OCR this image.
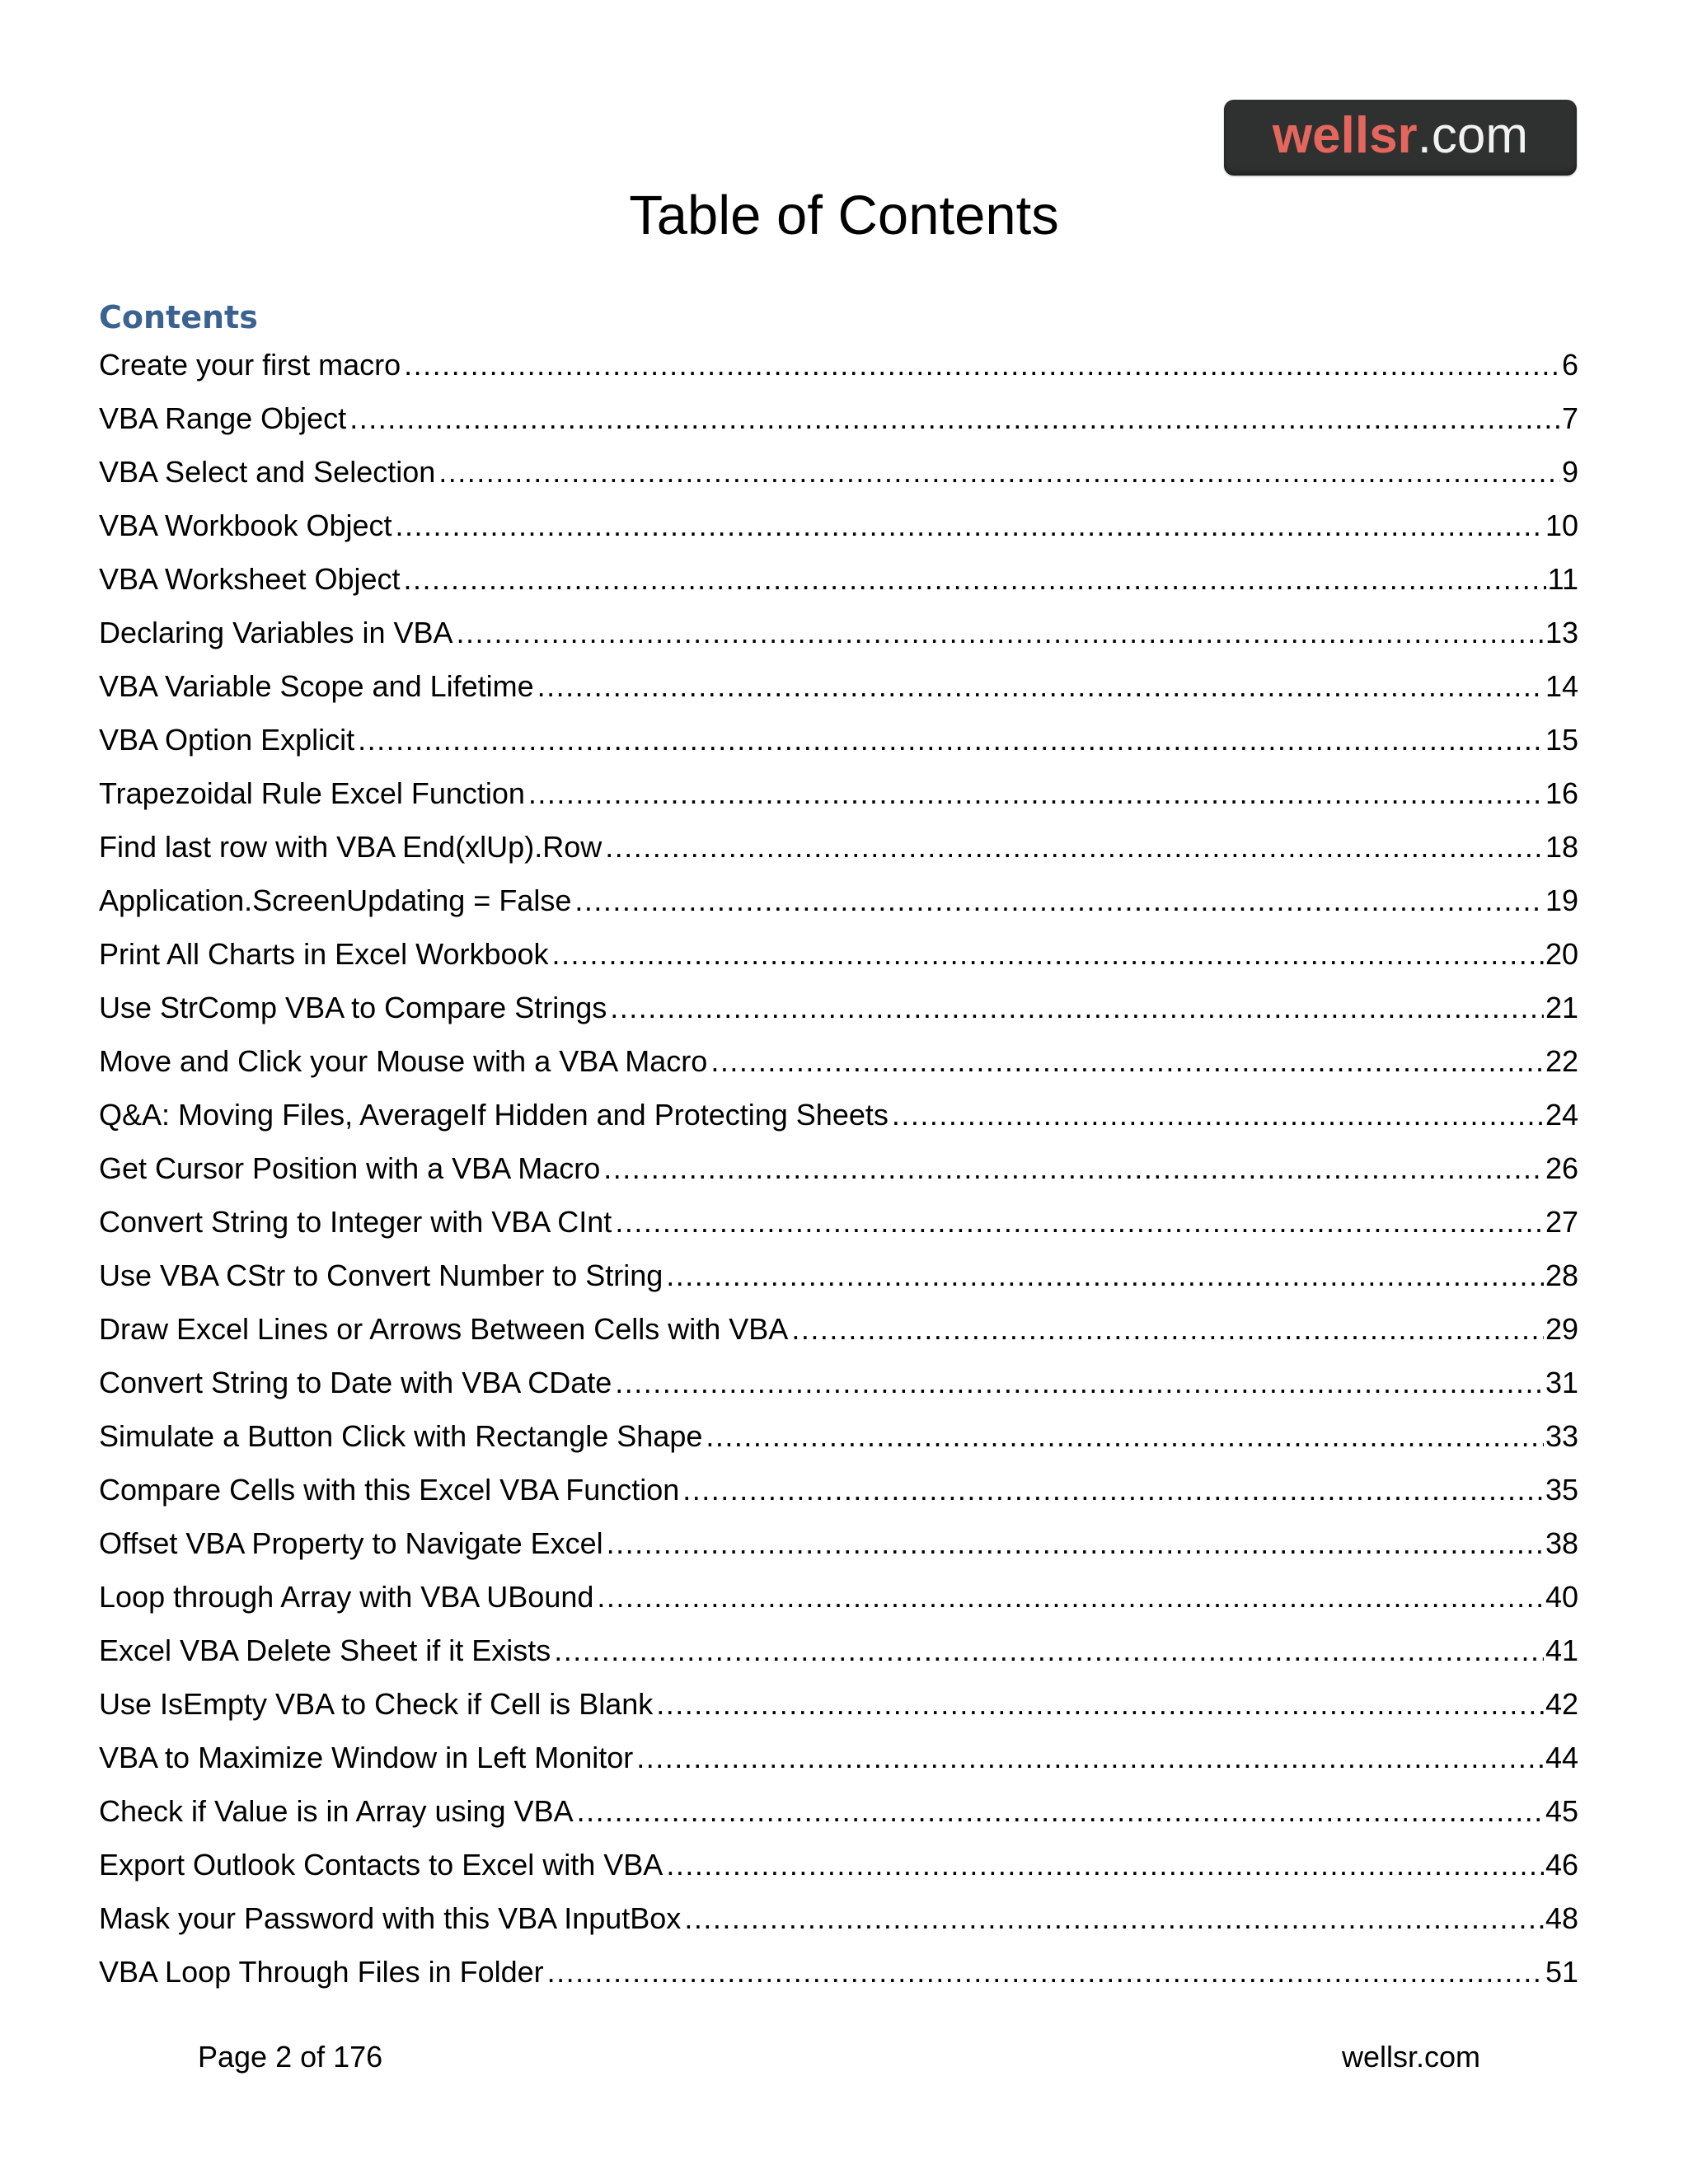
wellsr .com
Table of Contents
Contents
Create your first macro .....	6
VBA Range Object .....	7
VBA Select and Selection .....	9
VBA Workbook Object .....	10
VBA Worksheet Object .....	11
Declaring Variables in VBA .....	13
VBA Variable Scope and Lifetime .....	14
VBA Option Explicit .....	15
Trapezoidal Rule Excel Function .....	16
Find last row with VBA End(xlUp).Row .....	18
Application.ScreenUpdating = False .....	19
Print All Charts in Excel Workbook .....	20
Use StrComp VBA to Compare Strings .....	21
Move and Click your Mouse with a VBA Macro .....	22
Q&A: Moving Files, AverageIf Hidden and Protecting Sheets .....	24
Get Cursor Position with a VBA Macro .....	26
Convert String to Integer with VBA CInt .....	27
Use VBA CStr to Convert Number to String .....	28
Draw Excel Lines or Arrows Between Cells with VBA .....	29
Convert String to Date with VBA CDate .....	31
Simulate a Button Click with Rectangle Shape .....	33
Compare Cells with this Excel VBA Function .....	35
Offset VBA Property to Navigate Excel .....	38
Loop through Array with VBA UBound .....	40
Excel VBA Delete Sheet if it Exists .....	41
Use IsEmpty VBA to Check if Cell is Blank .....	42
VBA to Maximize Window in Left Monitor .....	44
Check if Value is in Array using VBA .....	45
Export Outlook Contacts to Excel with VBA .....	46
Mask your Password with this VBA InputBox .....	48
VBA Loop Through Files in Folder .....	51
Page 2 of 176	wellsr.com
